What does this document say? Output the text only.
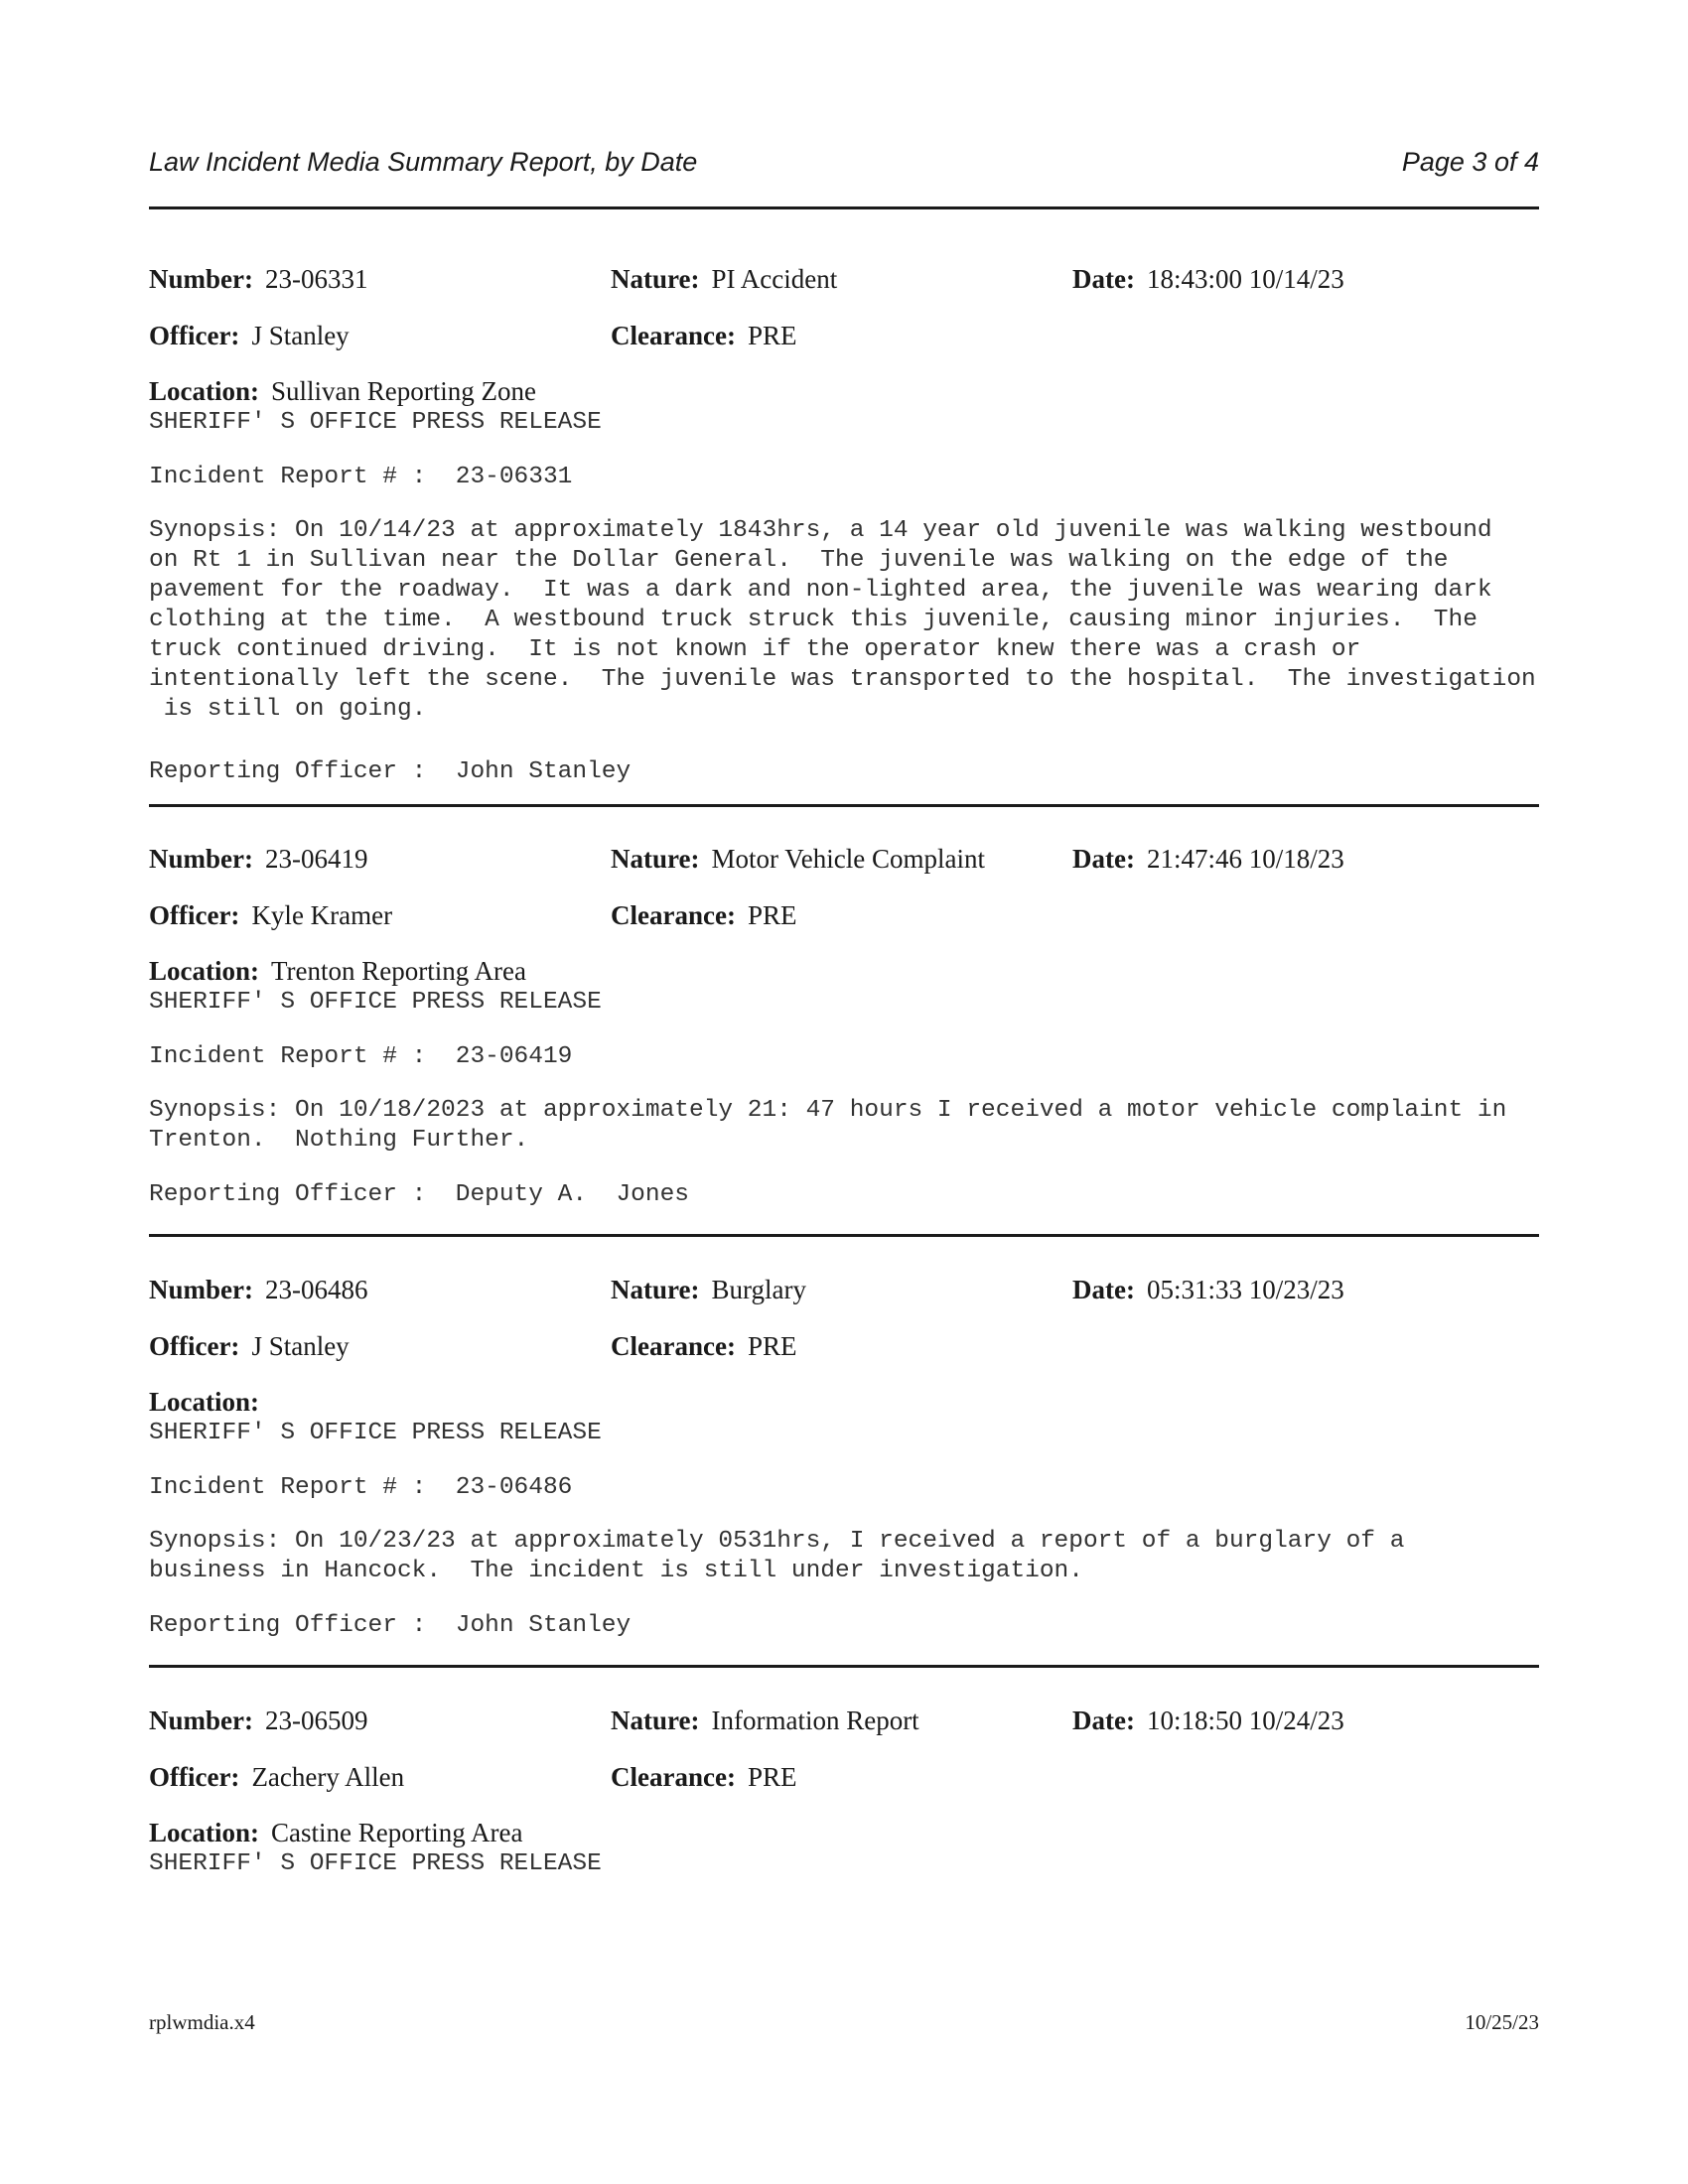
Law Incident Media Summary Report, by Date	Page 3 of 4
Number: 23-06331	Nature: PI Accident	Date: 18:43:00 10/14/23
Officer: J Stanley	Clearance: PRE
Location: Sullivan Reporting Zone
SHERIFF' S OFFICE PRESS RELEASE
Incident Report # :  23-06331
Synopsis: On 10/14/23 at approximately 1843hrs, a 14 year old juvenile was walking westbound
on Rt 1 in Sullivan near the Dollar General.  The juvenile was walking on the edge of the
pavement for the roadway.  It was a dark and non-lighted area, the juvenile was wearing dark
clothing at the time.  A westbound truck struck this juvenile, causing minor injuries.  The
truck continued driving.  It is not known if the operator knew there was a crash or
intentionally left the scene.  The juvenile was transported to the hospital.  The investigation
is still on going.
Reporting Officer :  John Stanley
Number: 23-06419	Nature: Motor Vehicle Complaint	Date: 21:47:46 10/18/23
Officer: Kyle Kramer	Clearance: PRE
Location: Trenton Reporting Area
SHERIFF' S OFFICE PRESS RELEASE
Incident Report # :  23-06419
Synopsis: On 10/18/2023 at approximately 21: 47 hours I received a motor vehicle complaint in
Trenton.  Nothing Further.
Reporting Officer :  Deputy A.  Jones
Number: 23-06486	Nature: Burglary	Date: 05:31:33 10/23/23
Officer: J Stanley	Clearance: PRE
Location:
SHERIFF' S OFFICE PRESS RELEASE
Incident Report # :  23-06486
Synopsis: On 10/23/23 at approximately 0531hrs, I received a report of a burglary of a
business in Hancock.  The incident is still under investigation.
Reporting Officer :  John Stanley
Number: 23-06509	Nature: Information Report	Date: 10:18:50 10/24/23
Officer: Zachery Allen	Clearance: PRE
Location: Castine Reporting Area
SHERIFF' S OFFICE PRESS RELEASE
rplwmdia.x4	10/25/23
